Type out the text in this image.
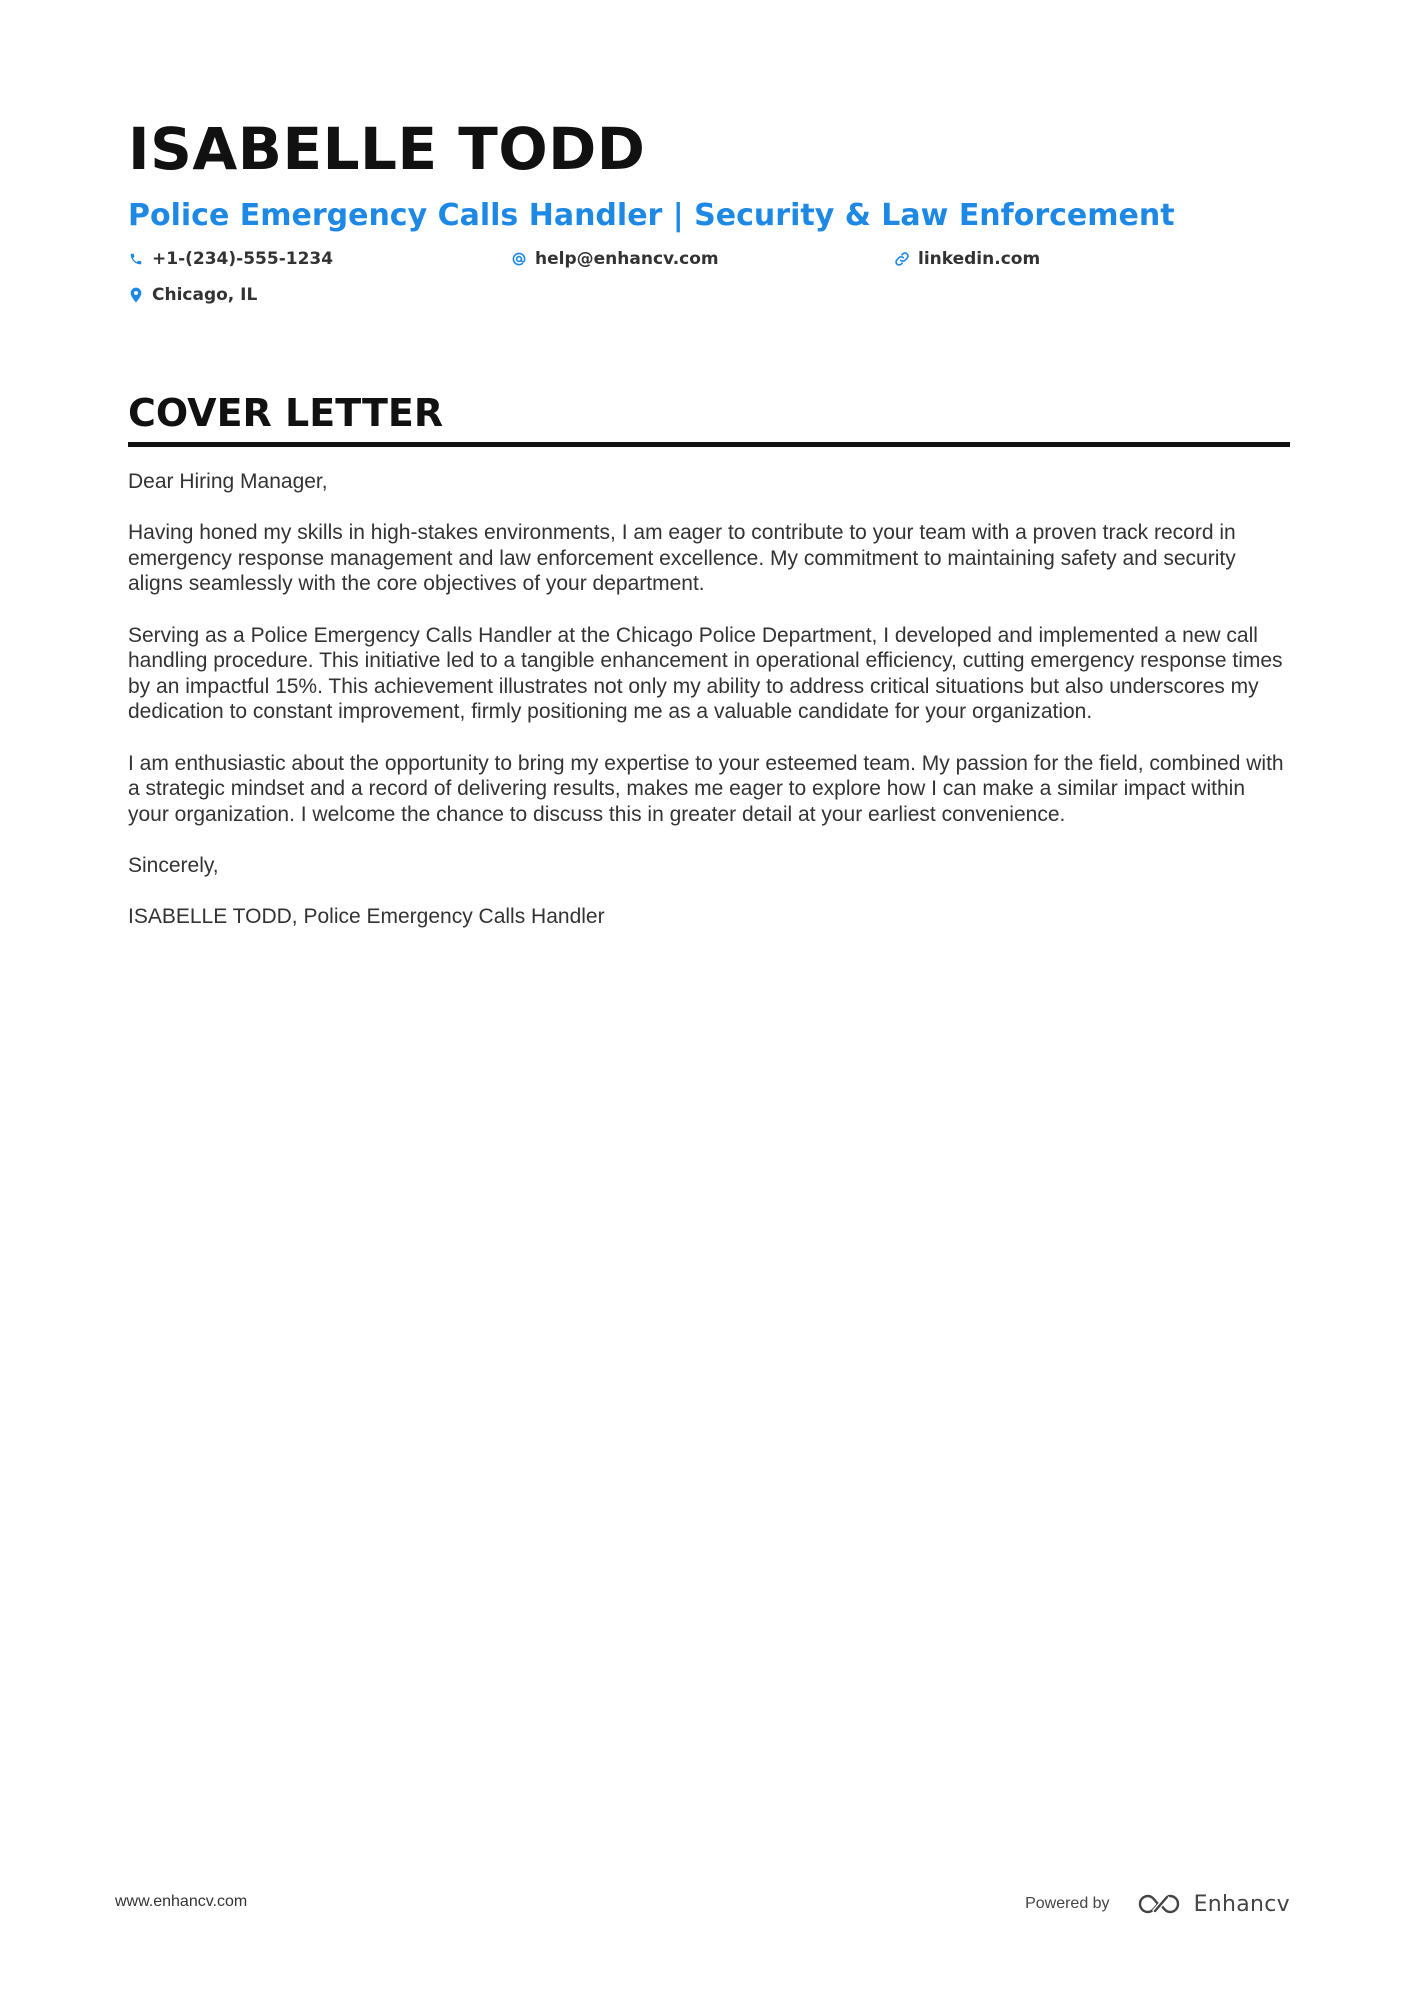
ISABELLE TODD
Police Emergency Calls Handler | Security & Law Enforcement
+1-(234)-555-1234	help@enhancv.com	linkedin.com
Chicago, IL
COVER LETTER

Dear Hiring Manager,

Having honed my skills in high-stakes environments, I am eager to contribute to your team with a proven track record in emergency response management and law enforcement excellence. My commitment to maintaining safety and security aligns seamlessly with the core objectives of your department.

Serving as a Police Emergency Calls Handler at the Chicago Police Department, I developed and implemented a new call handling procedure. This initiative led to a tangible enhancement in operational efficiency, cutting emergency response times by an impactful 15%. This achievement illustrates not only my ability to address critical situations but also underscores my dedication to constant improvement, firmly positioning me as a valuable candidate for your organization.

I am enthusiastic about the opportunity to bring my expertise to your esteemed team. My passion for the field, combined with a strategic mindset and a record of delivering results, makes me eager to explore how I can make a similar impact within your organization. I welcome the chance to discuss this in greater detail at your earliest convenience.

Sincerely,

ISABELLE TODD, Police Emergency Calls Handler

www.enhancv.com	Powered by	Enhancv
